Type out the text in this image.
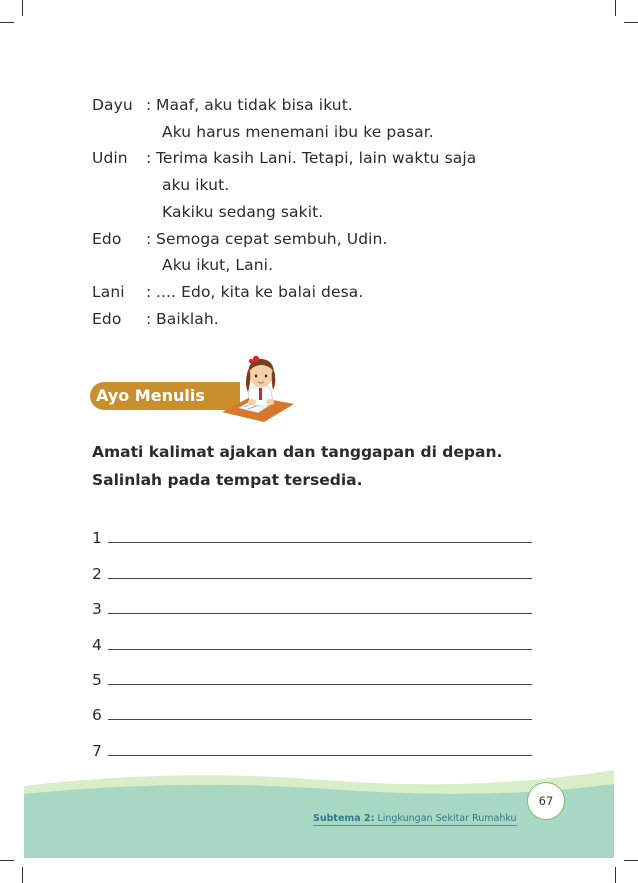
Dayu : Maaf, aku tidak bisa ikut.
Aku harus menemani ibu ke pasar.
Udin	: Terima kasih Lani. Tetapi, lain waktu saja
aku ikut.
Kakiku sedang sakit.
Edo	: Semoga cepat sembuh, Udin.
Aku ikut, Lani.
Lani	: .... Edo, kita ke balai desa.
Edo	: Baiklah.
Ayo Menulis

Amati kalimat ajakan dan tanggapan di depan.

Salinlah pada tempat tersedia.

1
2
3
4
5
6
7
Subtema 2: Lingkungan Sekitar Rumahku
67
